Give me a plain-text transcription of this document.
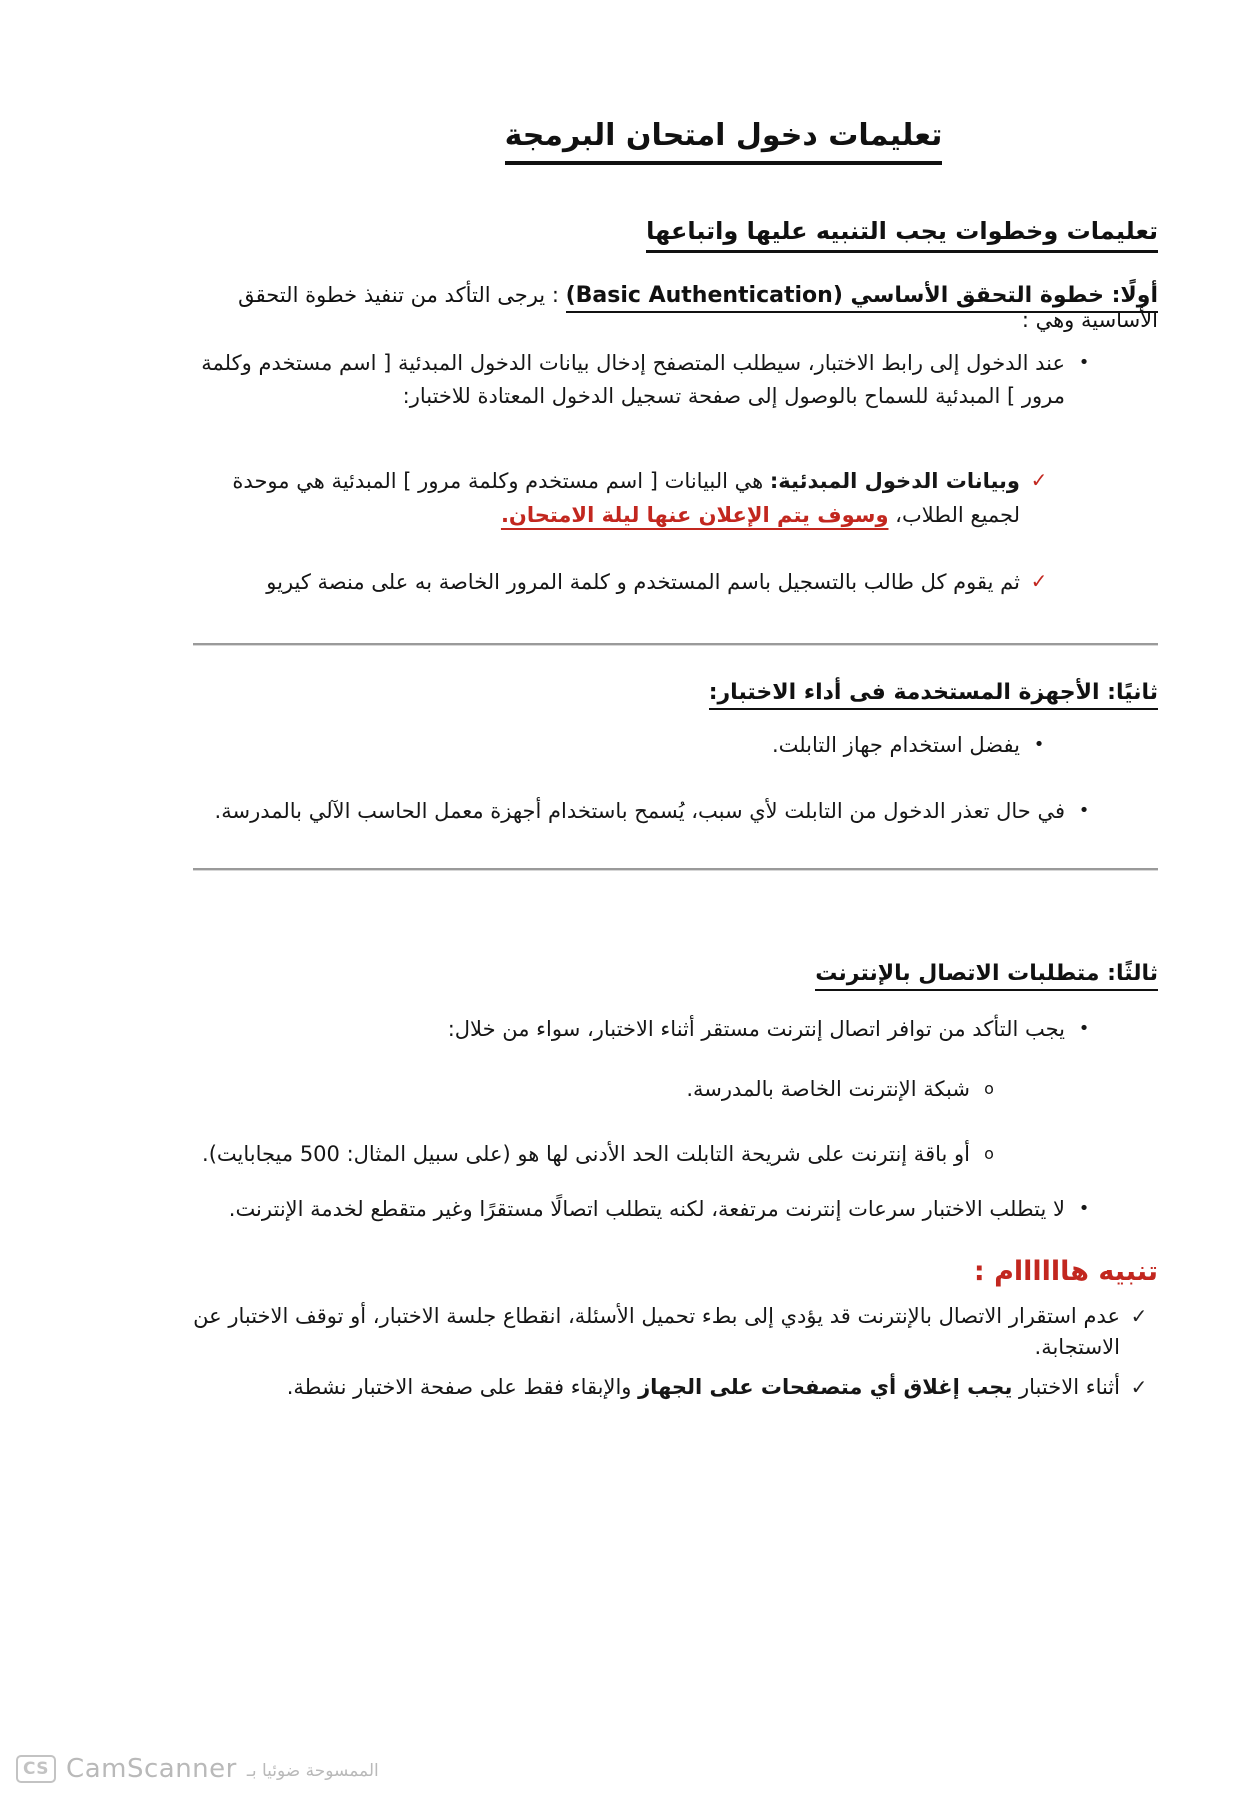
تعليمات دخول امتحان البرمجة
تعليمات وخطوات يجب التنبيه عليها واتباعها
أولًا: خطوة التحقق الأساسي (Basic Authentication) : يرجى التأكد من تنفيذ خطوة التحقق الأساسية وهي :
•
عند الدخول إلى رابط الاختبار، سيطلب المتصفح إدخال بيانات الدخول المبدئية [ اسم مستخدم وكلمة مرور ] المبدئية للسماح بالوصول إلى صفحة تسجيل الدخول المعتادة للاختبار:
✓
وبيانات الدخول المبدئية: هي البيانات [ اسم مستخدم وكلمة مرور ] المبدئية هي موحدة لجميع الطلاب، وسوف يتم الإعلان عنها ليلة الامتحان.
✓
ثم يقوم كل طالب بالتسجيل باسم المستخدم و كلمة المرور الخاصة به على منصة كيريو
ثانيًا: الأجهزة المستخدمة فى أداء الاختبار:
•
يفضل استخدام جهاز التابلت.
•
في حال تعذر الدخول من التابلت لأي سبب، يُسمح باستخدام أجهزة معمل الحاسب الآلي بالمدرسة.
ثالثًا: متطلبات الاتصال بالإنترنت
•
يجب التأكد من توافر اتصال إنترنت مستقر أثناء الاختبار، سواء من خلال:
o
شبكة الإنترنت الخاصة بالمدرسة.
o
أو باقة إنترنت على شريحة التابلت الحد الأدنى لها هو (على سبيل المثال: 500 ميجابايت).
•
لا يتطلب الاختبار سرعات إنترنت مرتفعة، لكنه يتطلب اتصالًا مستقرًا وغير متقطع لخدمة الإنترنت.
تنبيه هاااااام :
✓
عدم استقرار الاتصال بالإنترنت قد يؤدي إلى بطء تحميل الأسئلة، انقطاع جلسة الاختبار، أو توقف الاختبار عن الاستجابة.
✓
أثناء الاختبار يجب إغلاق أي متصفحات على الجهاز والإبقاء فقط على صفحة الاختبار نشطة.
CS CamScanner الممسوحة ضوئيا بـ
